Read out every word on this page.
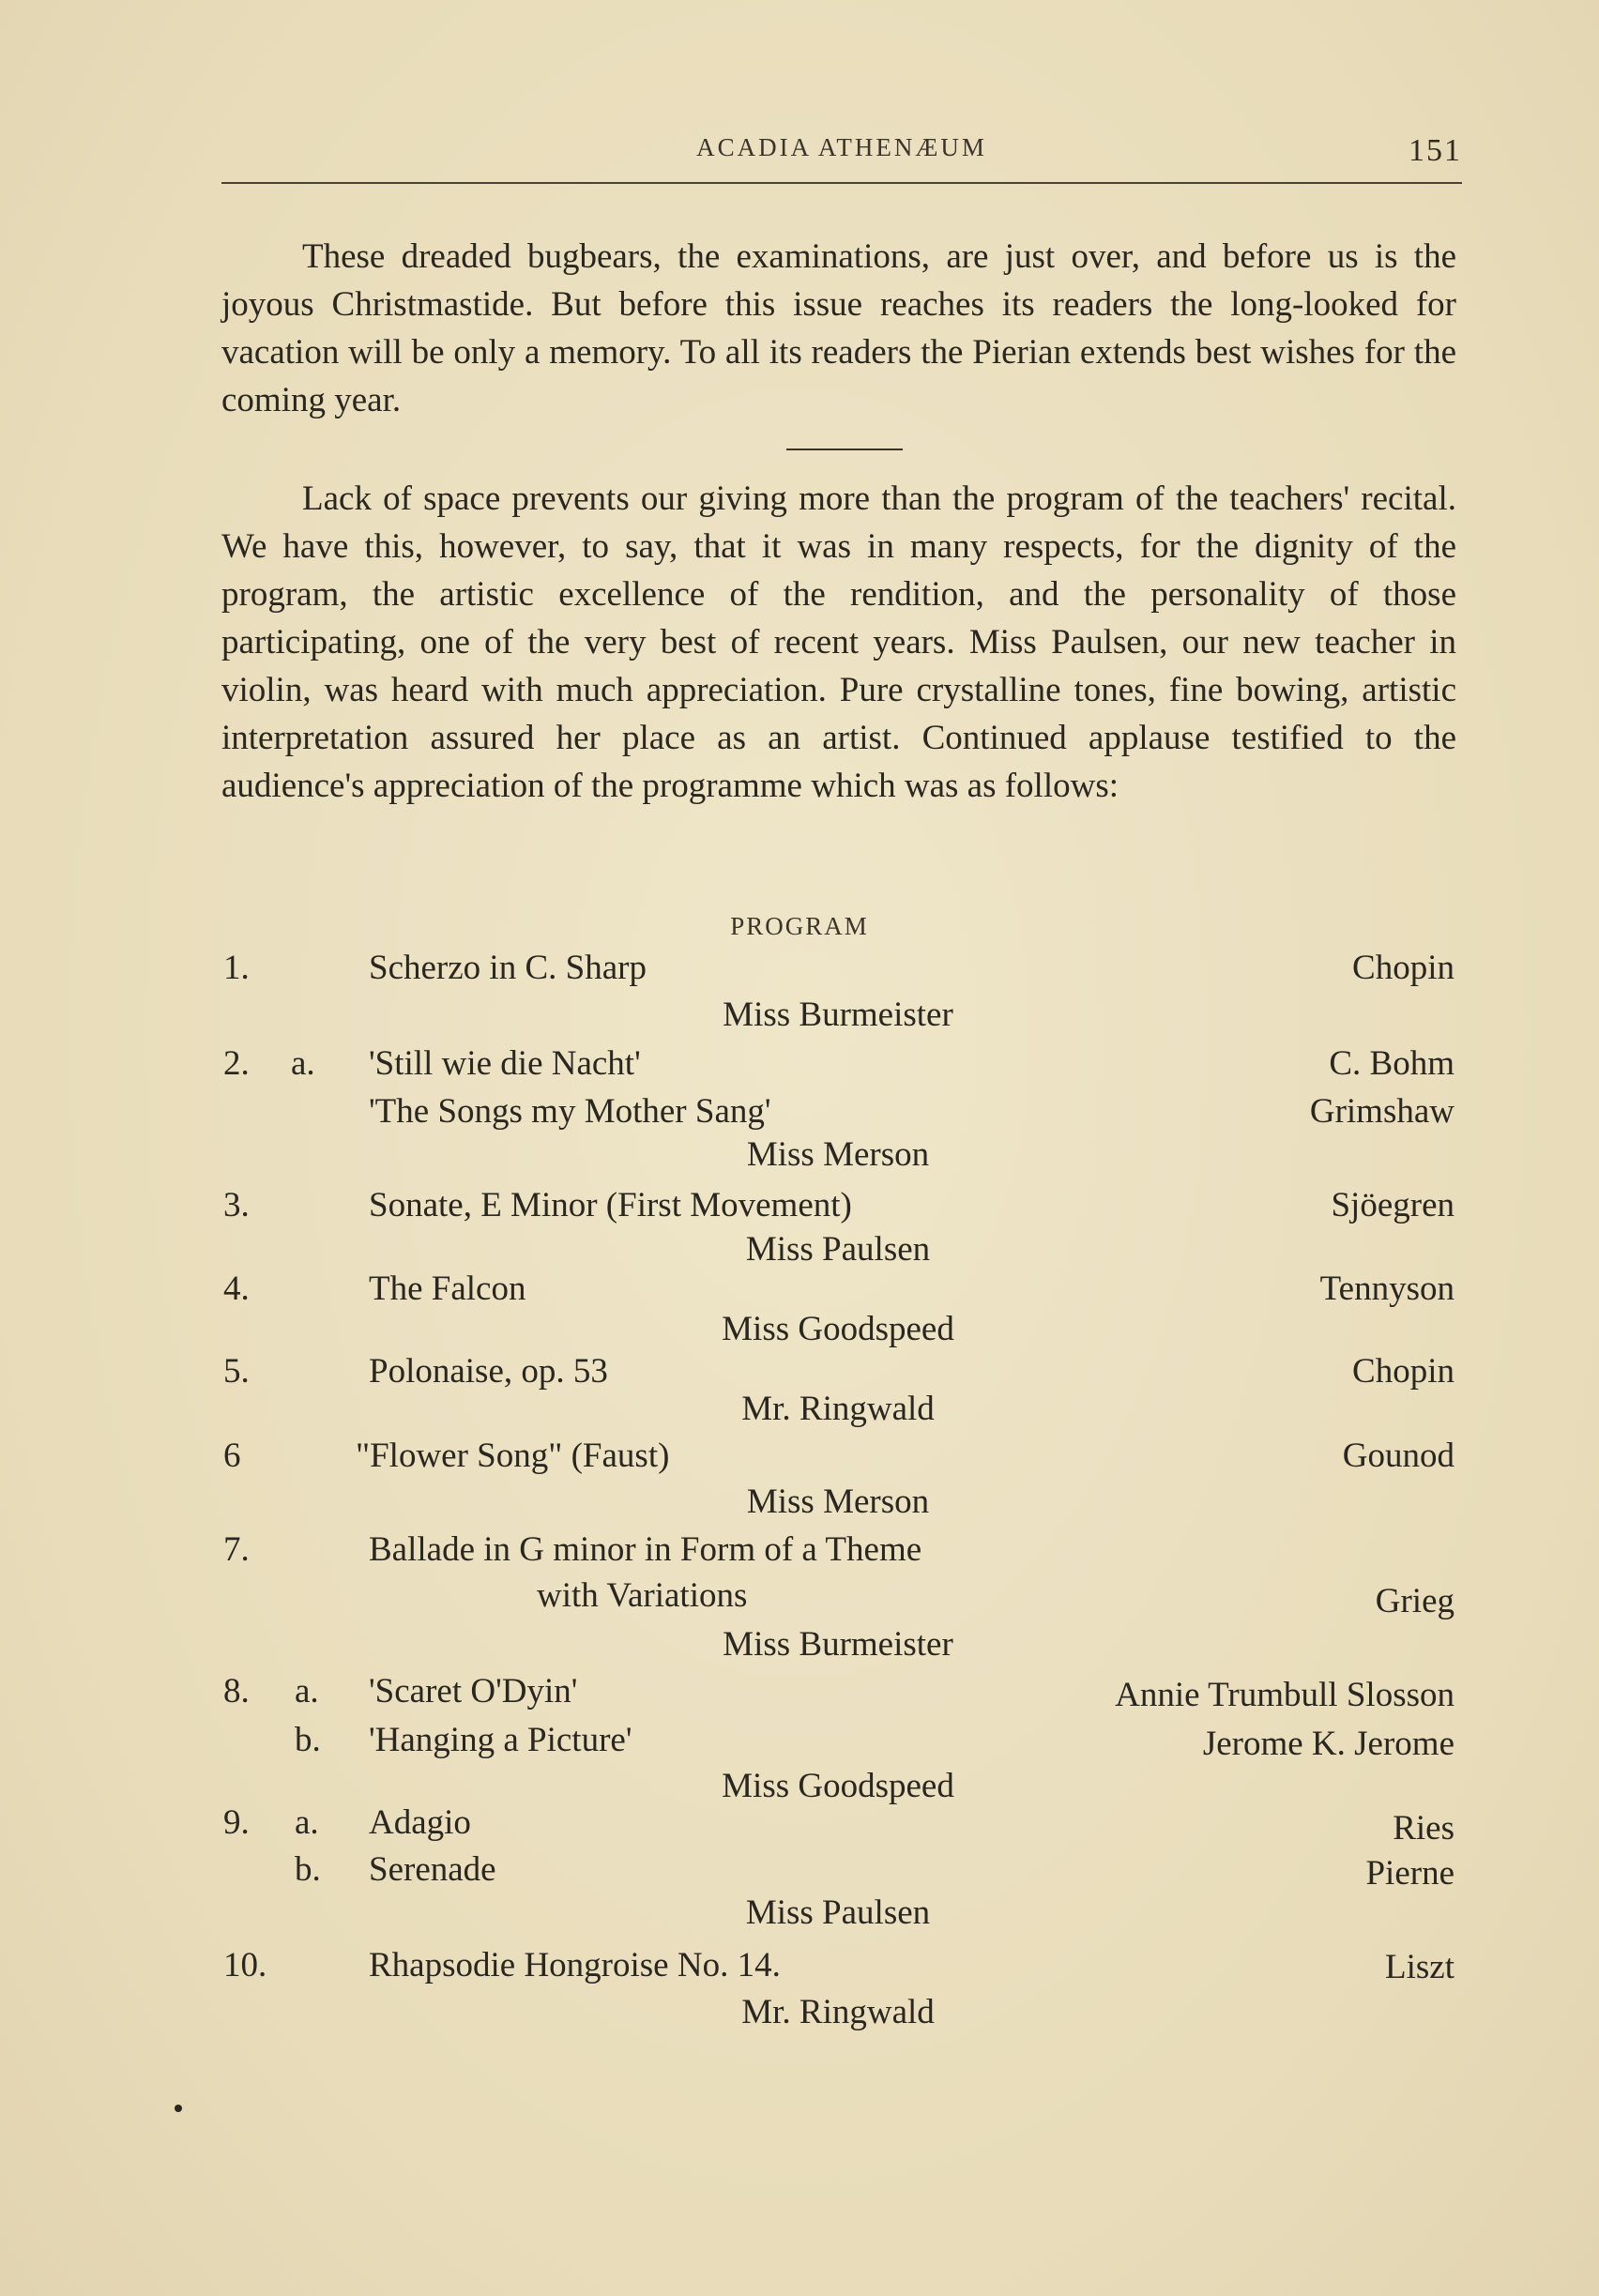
ACADIA ATHENÆUM	151

These dreaded bugbears, the examinations, are just over, and before us is the joyous Christmastide. But before this issue reaches its readers the long-looked for vacation will be only a memory. To all its readers the Pierian extends best wishes for the coming year.

Lack of space prevents our giving more than the program of the teachers' recital. We have this, however, to say, that it was in many respects, for the dignity of the program, the artistic excellence of the rendition, and the personality of those participating, one of the very best of recent years. Miss Paulsen, our new teacher in violin, was heard with much appreciation. Pure crystalline tones, fine bowing, artistic interpretation assured her place as an artist. Continued applause testified to the audience's appreciation of the programme which was as follows:

PROGRAM
1.	Scherzo in C. Sharp	Chopin
Miss Burmeister
2. a. 'Still wie die Nacht'	C. Bohm
'The Songs my Mother Sang'	Grimshaw
Miss Merson
3.	Sonate, E Minor (First Movement)	Sjöegren
Miss Paulsen
4.	The Falcon	Tennyson
Miss Goodspeed
5.	Polonaise, op. 53	Chopin
Mr. Ringwald
6	"Flower Song" (Faust)	Gounod
Miss Merson
7.	Ballade in G minor in Form of a Theme
with Variations	Grieg
Miss Burmeister
8. a. 'Scaret O'Dyin'	Annie Trumbull Slosson
b. 'Hanging a Picture'	Jerome K. Jerome
Miss Goodspeed
9. a. Adagio	Ries
b. Serenade	Pierne
Miss Paulsen
10.	Rhapsodie Hongroise No. 14.	Liszt
Mr. Ringwald
